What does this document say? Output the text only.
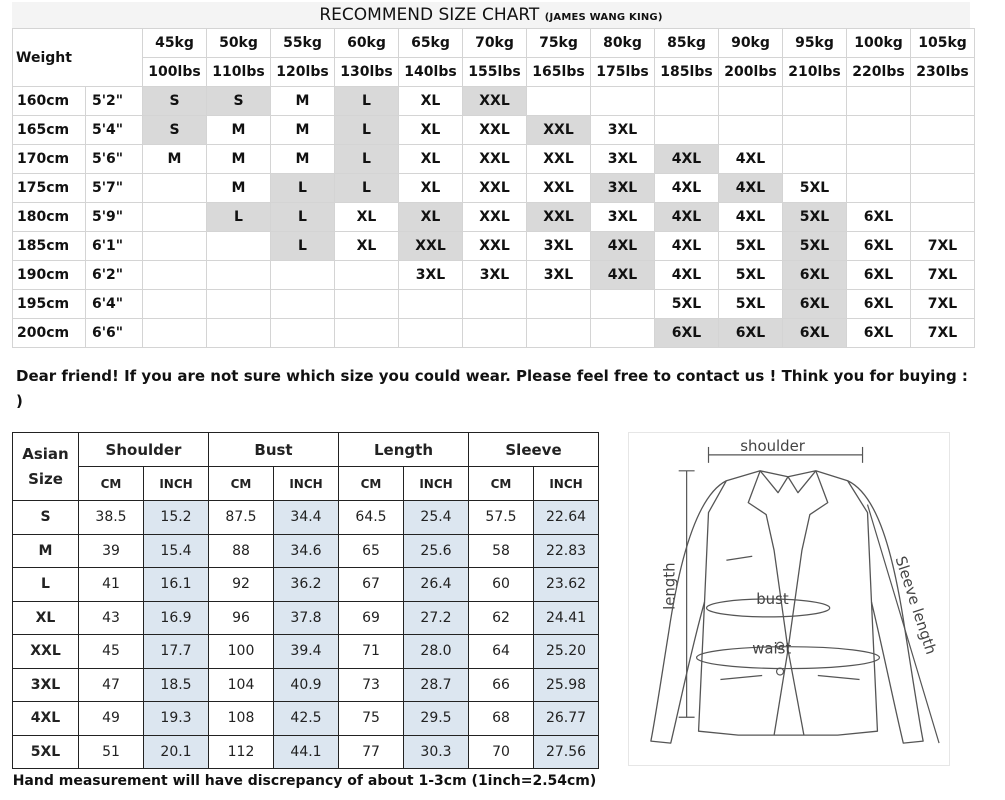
RECOMMEND SIZE CHART (JAMES WANG KING)
Weight		45kg	50kg	55kg	60kg	65kg	70kg	75kg	80kg	85kg	90kg	95kg	100kg	105kg
		100lbs	110lbs	120lbs	130lbs	140lbs	155lbs	165lbs	175lbs	185lbs	200lbs	210lbs	220lbs	230lbs
160cm	5'2"	S	S	M	L	XL	XXL							
165cm	5'4"	S	M	M	L	XL	XXL	XXL	3XL					
170cm	5'6"	M	M	M	L	XL	XXL	XXL	3XL	4XL	4XL			
175cm	5'7"		M	L	L	XL	XXL	XXL	3XL	4XL	4XL	5XL		
180cm	5'9"		L	L	XL	XL	XXL	XXL	3XL	4XL	4XL	5XL	6XL	
185cm	6'1"			L	XL	XXL	XXL	3XL	4XL	4XL	5XL	5XL	6XL	7XL
190cm	6'2"					3XL	3XL	3XL	4XL	4XL	5XL	6XL	6XL	7XL
195cm	6'4"									5XL	5XL	6XL	6XL	7XL
200cm	6'6"									6XL	6XL	6XL	6XL	7XL
Dear friend! If you are not sure which size you could wear. Please feel free to contact us ! Think you for buying : )
Asian Size	Shoulder		Bust		Length		Sleeve	
	CM	INCH	CM	INCH	CM	INCH	CM	INCH
S	38.5	15.2	87.5	34.4	64.5	25.4	57.5	22.64
M	39	15.4	88	34.6	65	25.6	58	22.83
L	41	16.1	92	36.2	67	26.4	60	23.62
XL	43	16.9	96	37.8	69	27.2	62	24.41
XXL	45	17.7	100	39.4	71	28.0	64	25.20
3XL	47	18.5	104	40.9	73	28.7	66	25.98
4XL	49	19.3	108	42.5	75	29.5	68	26.77
5XL	51	20.1	112	44.1	77	30.3	70	27.56
Hand measurement will have discrepancy of about 1-3cm (1inch=2.54cm)
shoulder
length	Sleeve length
bust
waist
